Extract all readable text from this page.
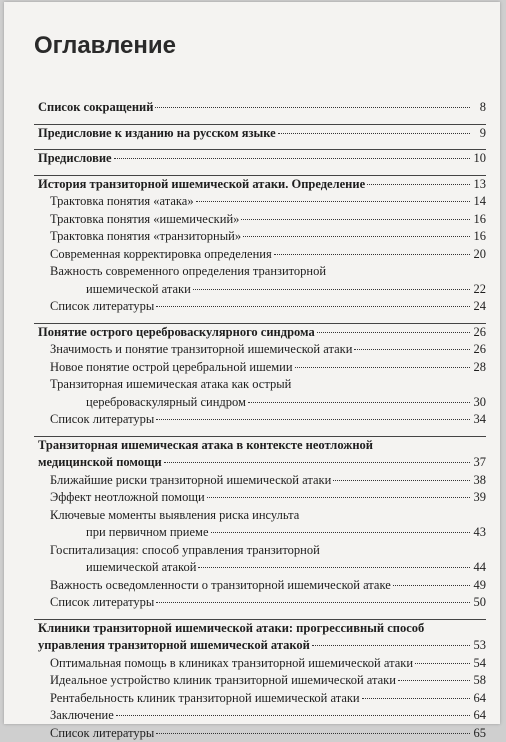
Оглавление
Список сокращений	8
Предисловие к изданию на русском языке	9
Предисловие	10
История транзиторной ишемической атаки. Определение	13
Трактовка понятия «атака»	14
Трактовка понятия «ишемический»	16
Трактовка понятия «транзиторный»	16
Современная корректировка определения	20
Важность современного определения транзиторной
ишемической атаки	22
Список литературы	24
Понятие острого цереброваскулярного синдрома	26
Значимость и понятие транзиторной ишемической атаки	26
Новое понятие острой церебральной ишемии	28
Транзиторная ишемическая атака как острый
цереброваскулярный синдром	30
Список литературы	34
Транзиторная ишемическая атака в контексте неотложной
медицинской помощи	37
Ближайшие риски транзиторной ишемической атаки	38
Эффект неотложной помощи	39
Ключевые моменты выявления риска инсульта
при первичном приеме	43
Госпитализация: способ управления транзиторной
ишемической атакой	44
Важность осведомленности о транзиторной ишемической атаке	49
Список литературы	50
Клиники транзиторной ишемической атаки: прогрессивный способ
управления транзиторной ишемической атакой	53
Оптимальная помощь в клиниках транзиторной ишемической атаки	54
Идеальное устройство клиник транзиторной ишемической атаки	58
Рентабельность клиник транзиторной ишемической атаки	64
Заключение	64
Список литературы	65
